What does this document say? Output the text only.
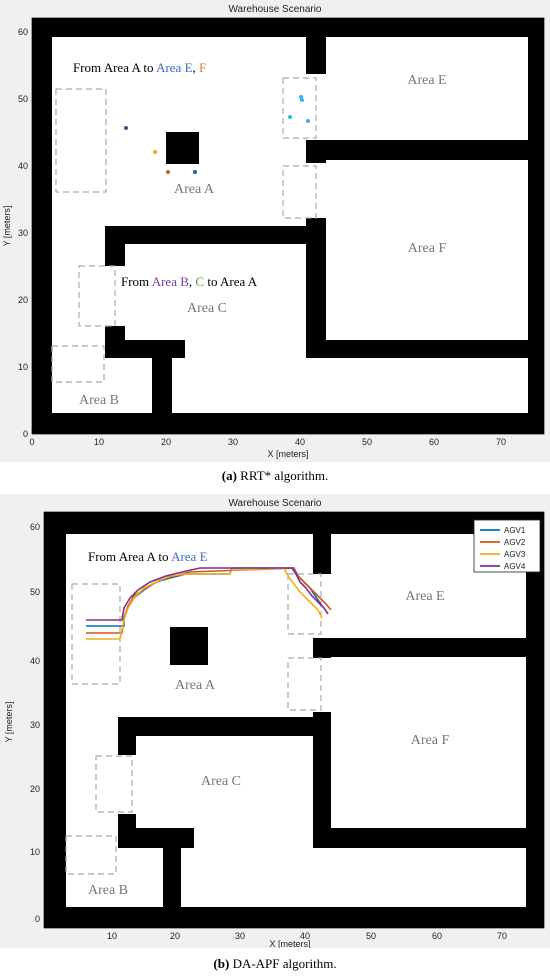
Warehouse Scenario
Area A
Area B
Area C
Area E
Area F
From Area A to Area E, F
From Area B, C to Area A
0
10
20
30
40
50
60
0	10	20	30	40	50	60	70
X [meters]
Y [meters]
(a) RRT* algorithm.
Warehouse Scenario
Area A
Area B
Area C
Area E
Area F
From Area A to Area E
AGV1
AGV2
AGV3
AGV4
0
10
20
30
40
50
60
10	20	30	40	50	60	70
X [meters]
Y [meters]
(b) DA-APF algorithm.
